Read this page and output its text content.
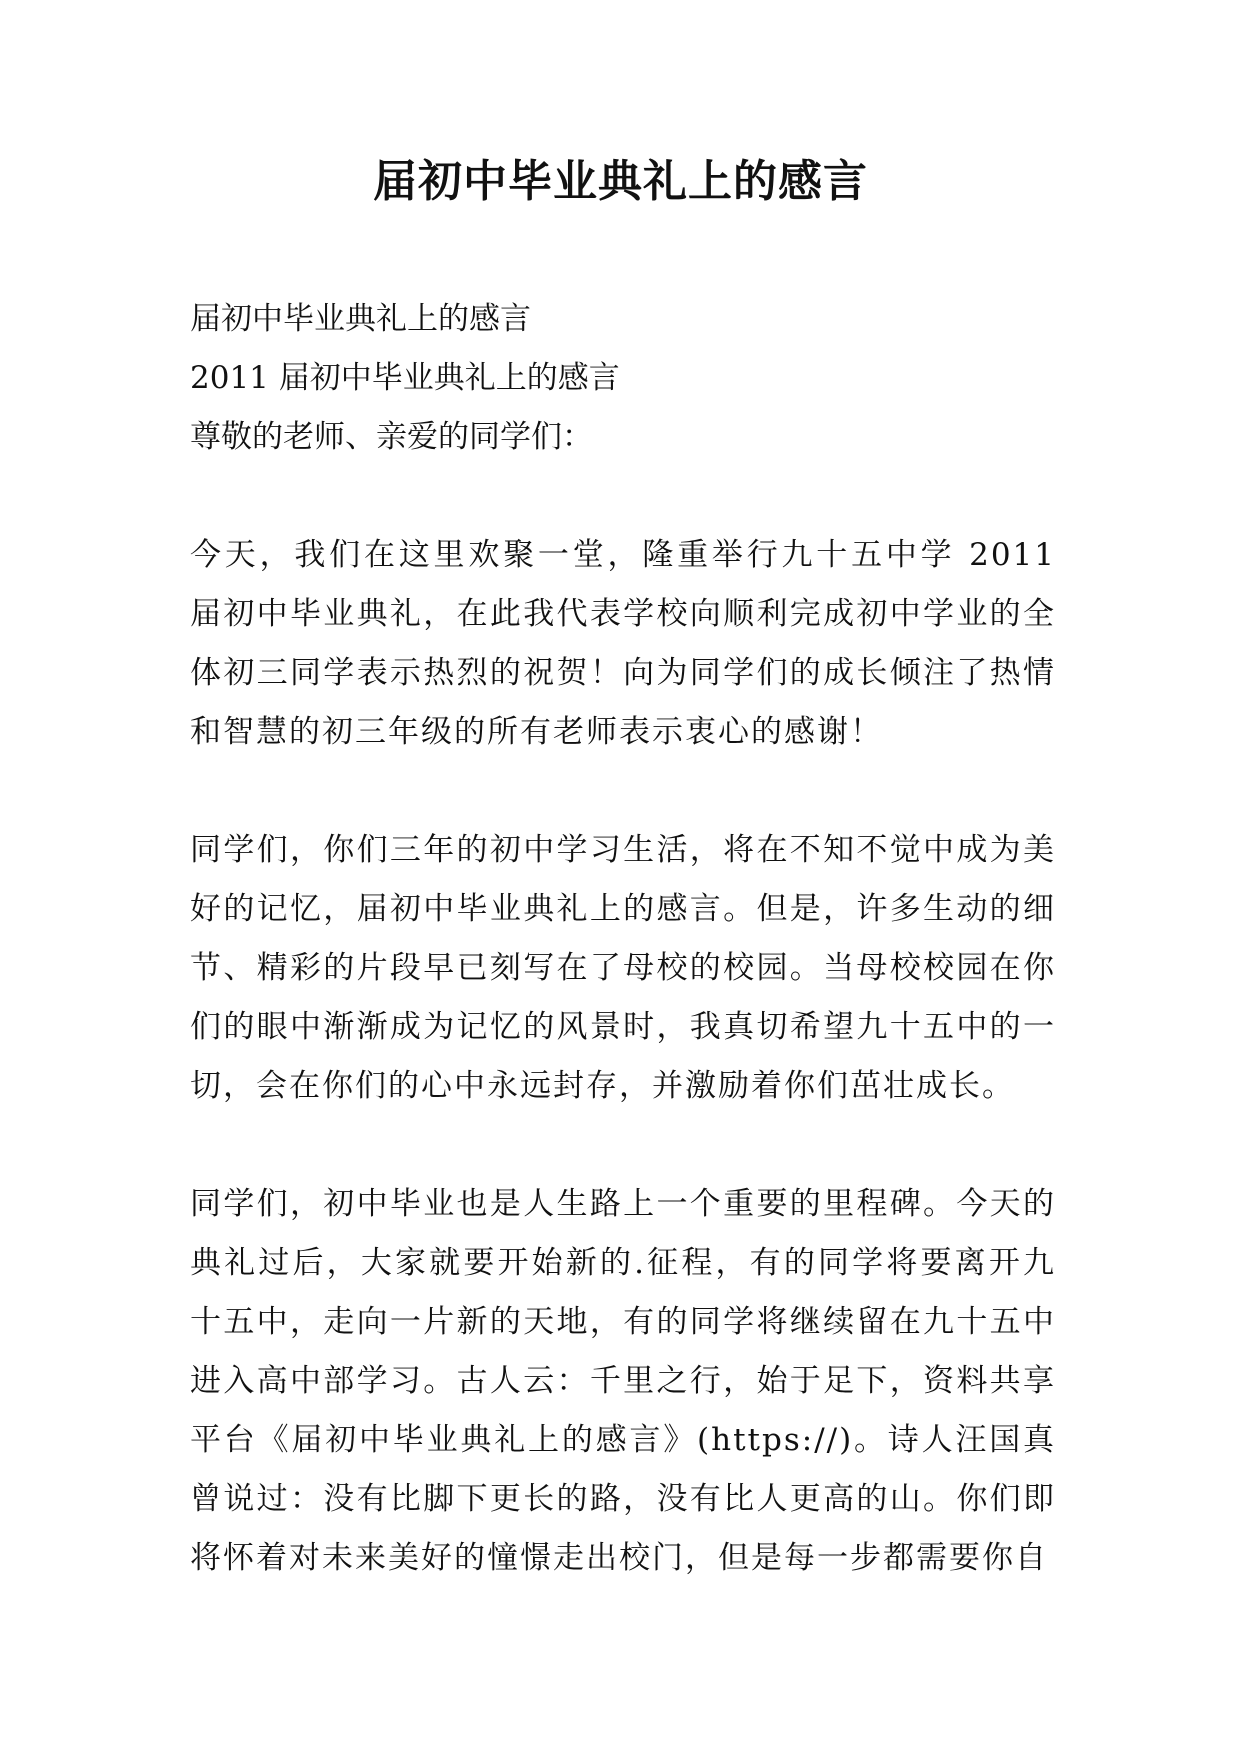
届初中毕业典礼上的感言
届初中毕业典礼上的感言
2011 届初中毕业典礼上的感言
尊敬的老师、亲爱的同学们：

今天，我们在这里欢聚一堂，隆重举行九十五中学 2011 届初中毕业典礼，在此我代表学校向顺利完成初中学业的全体初三同学表示热烈的祝贺！向为同学们的成长倾注了热情和智慧的初三年级的所有老师表示衷心的感谢！

同学们，你们三年的初中学习生活，将在不知不觉中成为美好的记忆，届初中毕业典礼上的感言。但是，许多生动的细节、精彩的片段早已刻写在了母校的校园。当母校校园在你们的眼中渐渐成为记忆的风景时，我真切希望九十五中的一切，会在你们的心中永远封存，并激励着你们茁壮成长。

同学们，初中毕业也是人生路上一个重要的里程碑。今天的典礼过后，大家就要开始新的.征程，有的同学将要离开九十五中，走向一片新的天地，有的同学将继续留在九十五中进入高中部学习。古人云：千里之行，始于足下，资料共享平台《届初中毕业典礼上的感言》(https://)。诗人汪国真曾说过：没有比脚下更长的路，没有比人更高的山。你们即将怀着对未来美好的憧憬走出校门，但是每一步都需要你自
